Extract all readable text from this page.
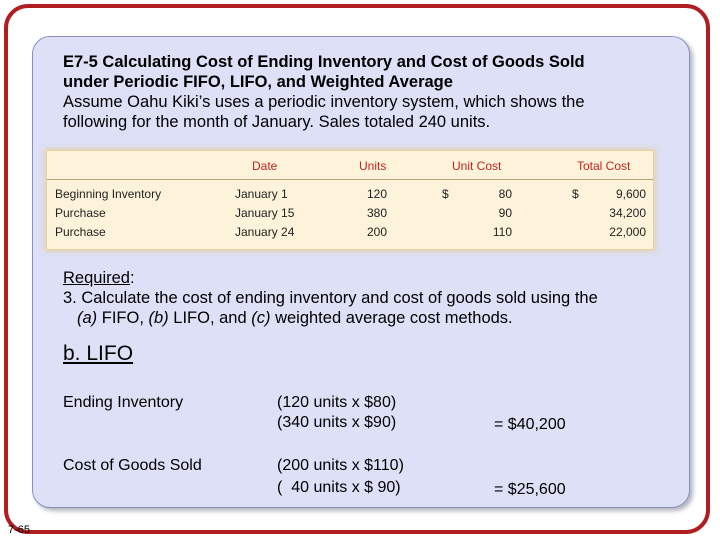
E7-5 Calculating Cost of Ending Inventory and Cost of Goods Sold
under Periodic FIFO, LIFO, and Weighted Average
Assume Oahu Kiki’s uses a periodic inventory system, which shows the
following for the month of January. Sales totaled 240 units.
Date	Units	Unit Cost	Total Cost
Beginning Inventory	January 1	120	$	80	$	9,600
Purchase	January 15	380	90	34,200
Purchase	January 24	200	110	22,000
Required:
3. Calculate the cost of ending inventory and cost of goods sold using the
(a) FIFO, (b) LIFO, and (c) weighted average cost methods.
b. LIFO
Ending Inventory	(120 units x $80)
(340 units x $90)	= $40,200
Cost of Goods Sold	(200 units x $110)
(  40 units x $ 90)	= $25,600
7-65
